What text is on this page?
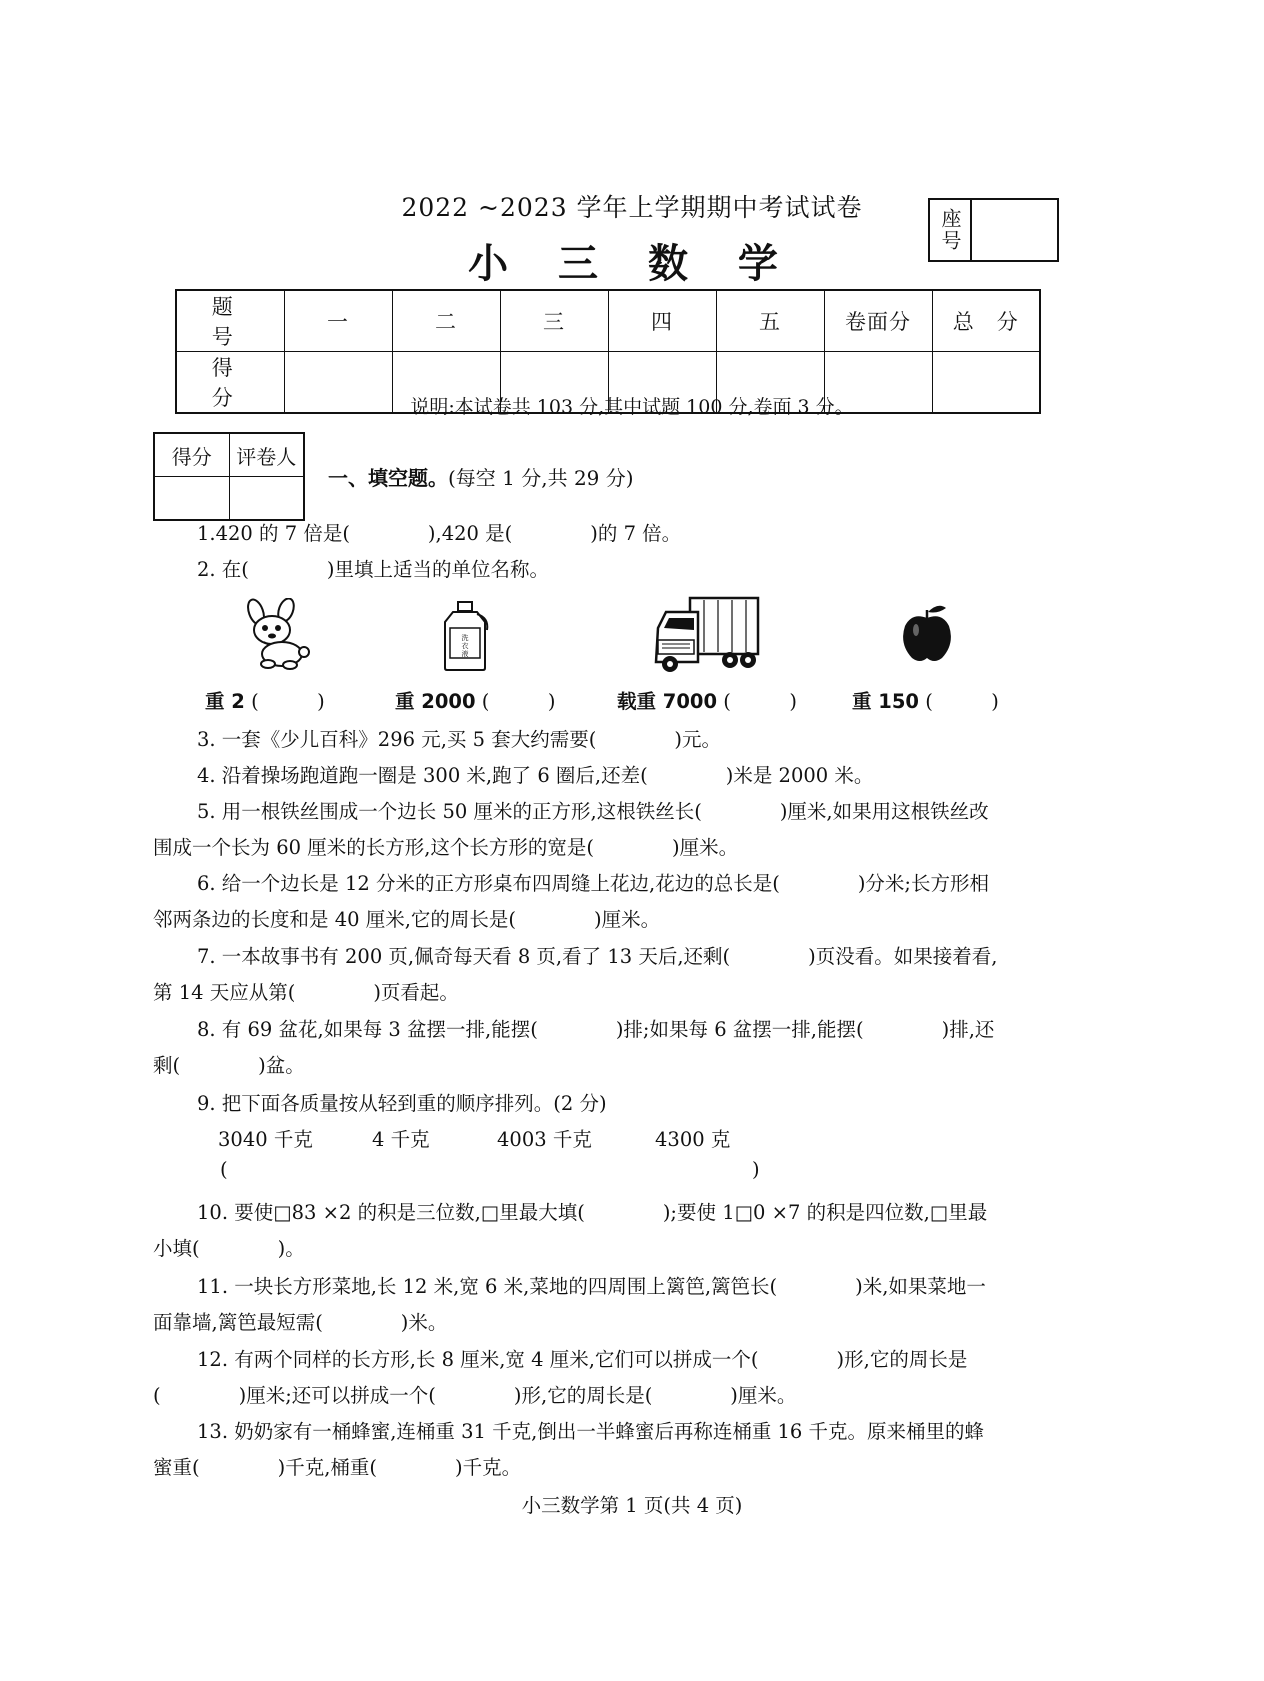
2022 ~2023 学年上学期期中考试试卷
小 三 数 学
座号
题　号	一	二	三	四	五	卷面分	总　分
得　分								说明:本试卷共 103 分,其中试题 100 分,卷面 3 分。
得分	评卷人

一、填空题。(每空 1 分,共 29 分)
1.420 的 7 倍是(　　　　),420 是(　　　　)的 7 倍。
2. 在(　　　　)里填上适当的单位名称。
洗
衣
液
重 2 (　　　)	重 2000 (　　　)	载重 7000 (　　　)	重 150 (　　　)
3. 一套《少儿百科》296 元,买 5 套大约需要(　　　　)元。
4. 沿着操场跑道跑一圈是 300 米,跑了 6 圈后,还差(　　　　)米是 2000 米。
5. 用一根铁丝围成一个边长 50 厘米的正方形,这根铁丝长(　　　　)厘米,如果用这根铁丝改
围成一个长为 60 厘米的长方形,这个长方形的宽是(　　　　)厘米。
6. 给一个边长是 12 分米的正方形桌布四周缝上花边,花边的总长是(　　　　)分米;长方形相
邻两条边的长度和是 40 厘米,它的周长是(　　　　)厘米。
7. 一本故事书有 200 页,佩奇每天看 8 页,看了 13 天后,还剩(　　　　)页没看。如果接着看,
第 14 天应从第(　　　　)页看起。
8. 有 69 盆花,如果每 3 盆摆一排,能摆(　　　　)排;如果每 6 盆摆一排,能摆(　　　　)排,还
剩(　　　　)盆。
9. 把下面各质量按从轻到重的顺序排列。(2 分)
3040 千克	4 千克	4003 千克	4300 克
(	)
10. 要使□83 ×2 的积是三位数,□里最大填(　　　　);要使 1□0 ×7 的积是四位数,□里最
小填(　　　　)。
11. 一块长方形菜地,长 12 米,宽 6 米,菜地的四周围上篱笆,篱笆长(　　　　)米,如果菜地一
面靠墙,篱笆最短需(　　　　)米。
12. 有两个同样的长方形,长 8 厘米,宽 4 厘米,它们可以拼成一个(　　　　)形,它的周长是
(　　　　)厘米;还可以拼成一个(　　　　)形,它的周长是(　　　　)厘米。
13. 奶奶家有一桶蜂蜜,连桶重 31 千克,倒出一半蜂蜜后再称连桶重 16 千克。原来桶里的蜂
蜜重(　　　　)千克,桶重(　　　　)千克。
小三数学第 1 页(共 4 页)
